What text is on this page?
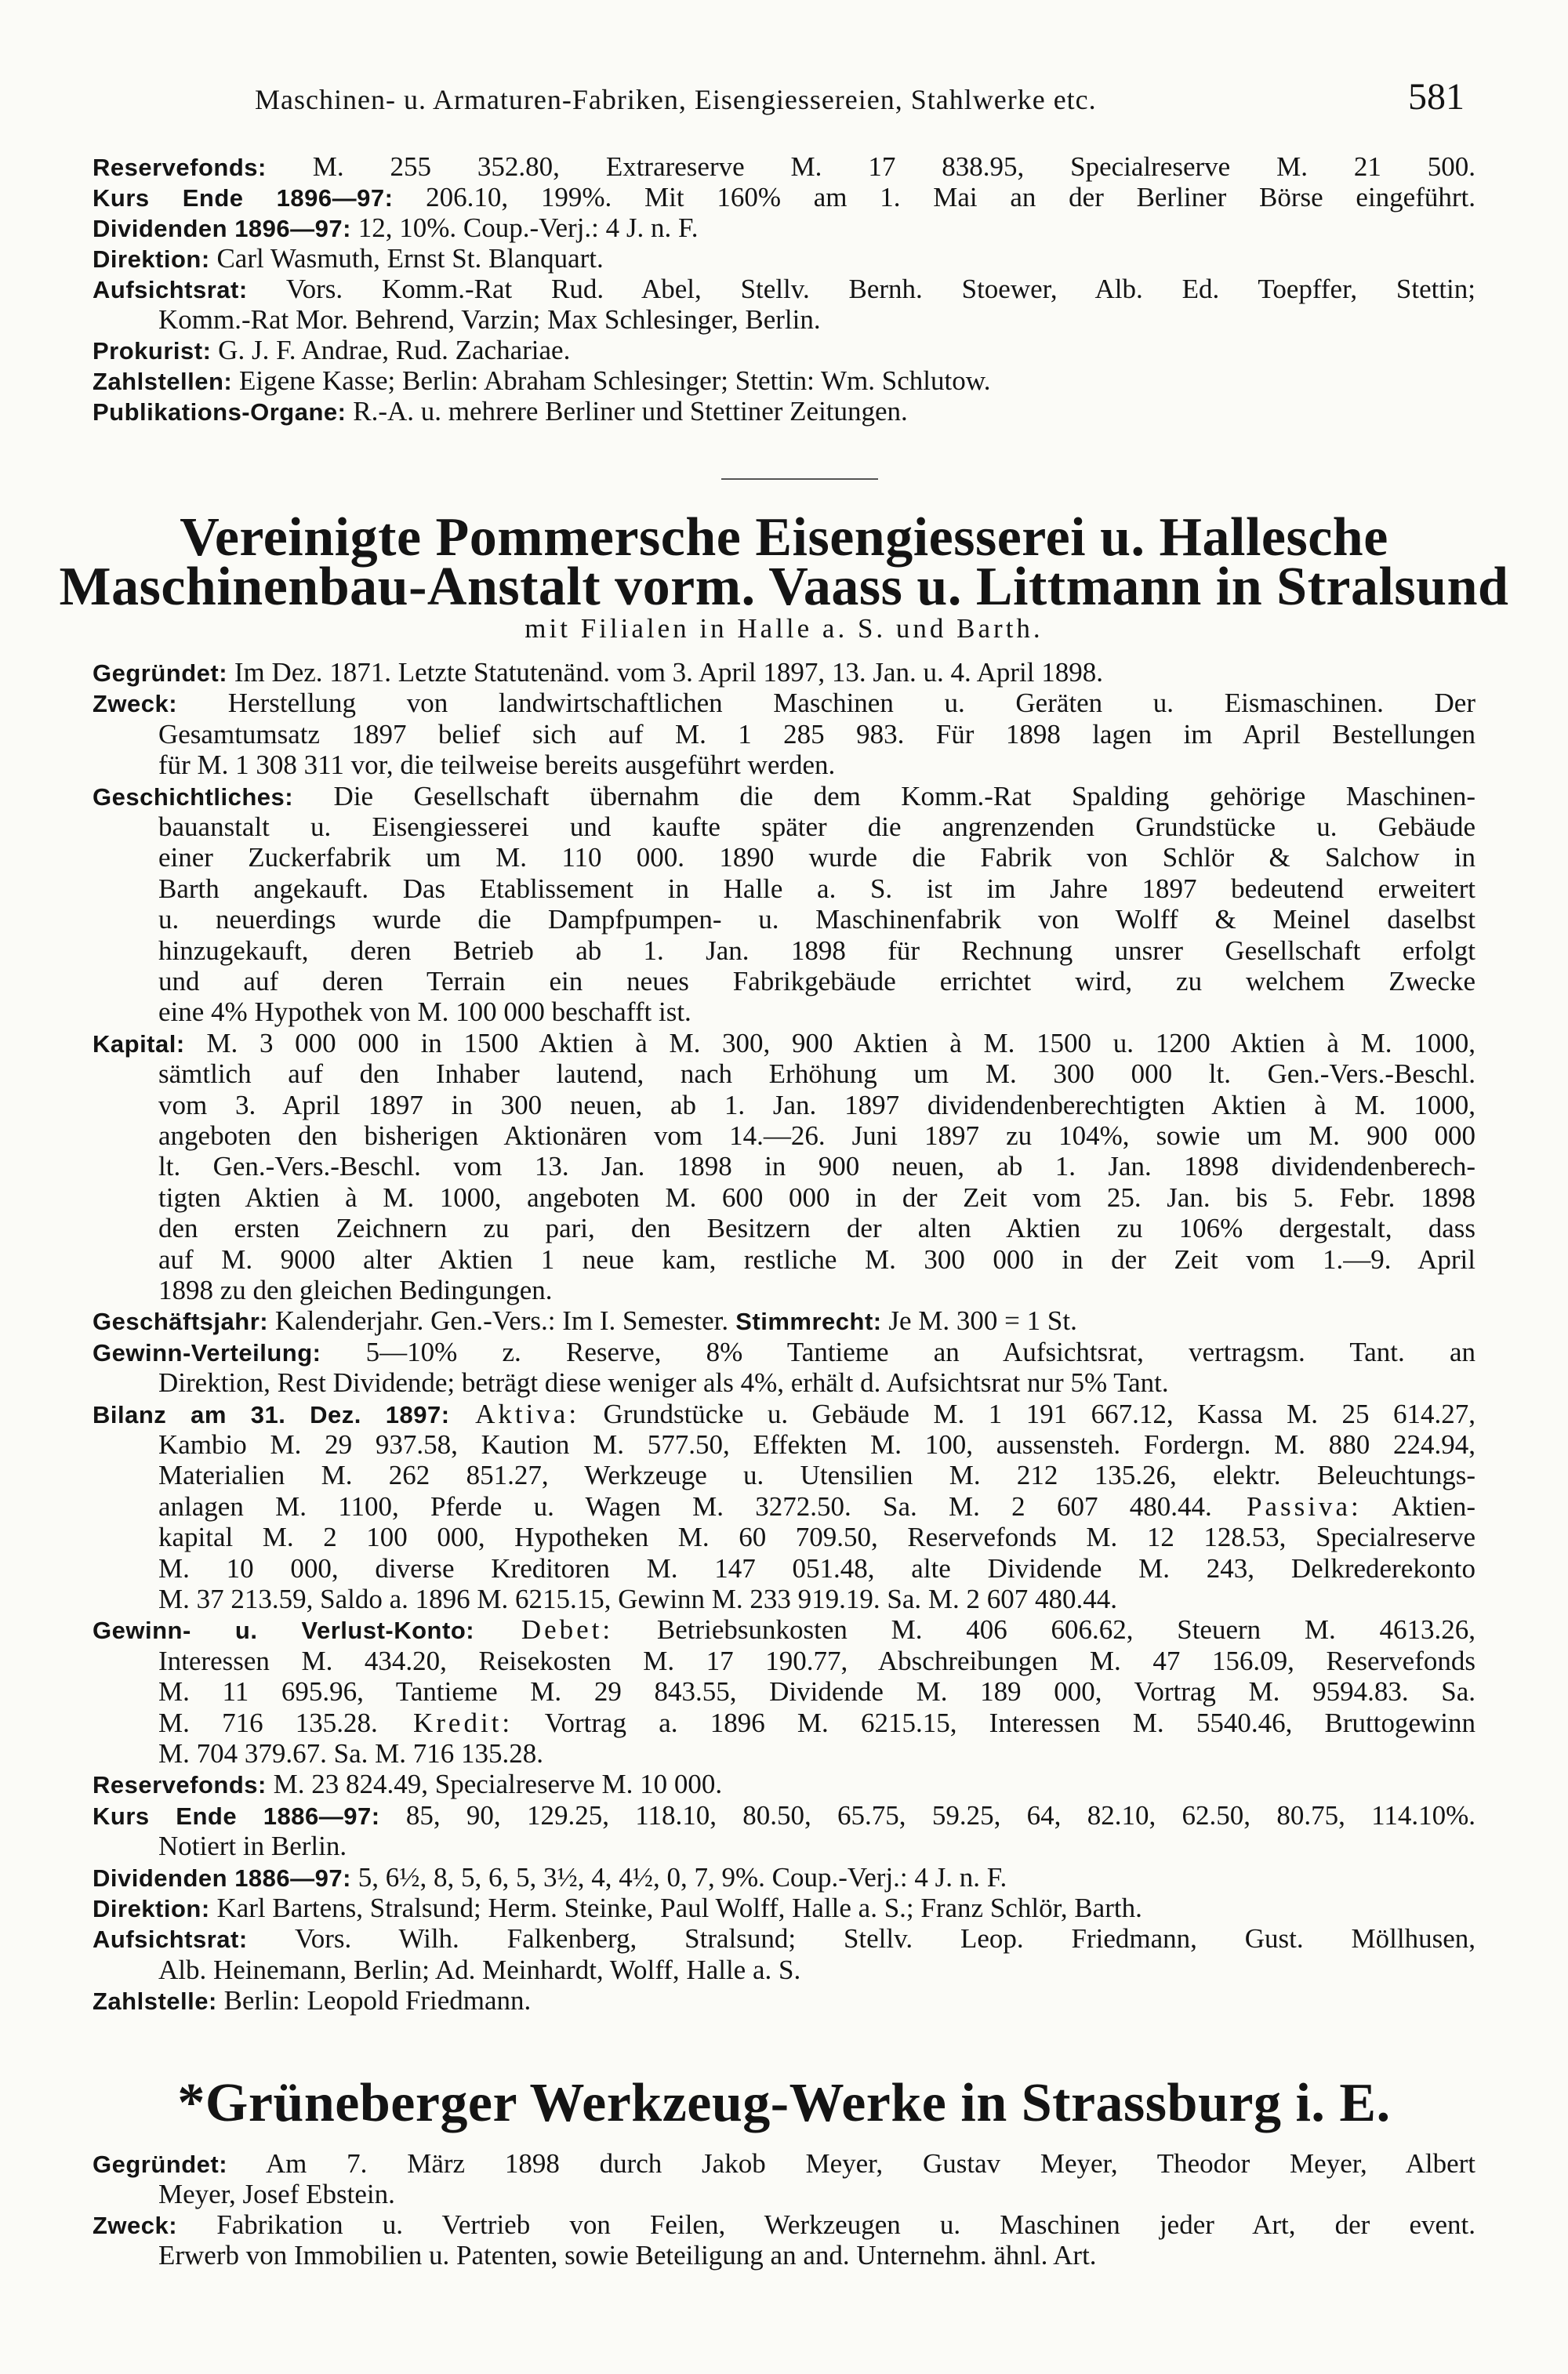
Maschinen- u. Armaturen-Fabriken, Eisengiessereien, Stahlwerke etc.	581
Reservefonds: M. 255 352.80, Extrareserve M. 17 838.95, Specialreserve M. 21 500.
Kurs Ende 1896—97: 206.10, 199%. Mit 160% am 1. Mai an der Berliner Börse eingeführt.
Dividenden 1896—97: 12, 10%. Coup.-Verj.: 4 J. n. F.
Direktion: Carl Wasmuth, Ernst St. Blanquart.
Aufsichtsrat: Vors. Komm.-Rat Rud. Abel, Stellv. Bernh. Stoewer, Alb. Ed. Toepffer, Stettin;
Komm.-Rat Mor. Behrend, Varzin; Max Schlesinger, Berlin.
Prokurist: G. J. F. Andrae, Rud. Zachariae.
Zahlstellen: Eigene Kasse; Berlin: Abraham Schlesinger; Stettin: Wm. Schlutow.
Publikations-Organe: R.-A. u. mehrere Berliner und Stettiner Zeitungen.
Vereinigte Pommersche Eisengiesserei u. Hallesche
Maschinenbau-Anstalt vorm. Vaass u. Littmann in Stralsund
mit Filialen in Halle a. S. und Barth.
Gegründet: Im Dez. 1871. Letzte Statutenänd. vom 3. April 1897, 13. Jan. u. 4. April 1898.
Zweck: Herstellung von landwirtschaftlichen Maschinen u. Geräten u. Eismaschinen. Der
Gesamtumsatz 1897 belief sich auf M. 1 285 983. Für 1898 lagen im April Bestellungen
für M. 1 308 311 vor, die teilweise bereits ausgeführt werden.
Geschichtliches: Die Gesellschaft übernahm die dem Komm.-Rat Spalding gehörige Maschinen-
bauanstalt u. Eisengiesserei und kaufte später die angrenzenden Grundstücke u. Gebäude
einer Zuckerfabrik um M. 110 000. 1890 wurde die Fabrik von Schlör & Salchow in
Barth angekauft. Das Etablissement in Halle a. S. ist im Jahre 1897 bedeutend erweitert
u. neuerdings wurde die Dampfpumpen- u. Maschinenfabrik von Wolff & Meinel daselbst
hinzugekauft, deren Betrieb ab 1. Jan. 1898 für Rechnung unsrer Gesellschaft erfolgt
und auf deren Terrain ein neues Fabrikgebäude errichtet wird, zu welchem Zwecke
eine 4% Hypothek von M. 100 000 beschafft ist.
Kapital: M. 3 000 000 in 1500 Aktien à M. 300, 900 Aktien à M. 1500 u. 1200 Aktien à M. 1000,
sämtlich auf den Inhaber lautend, nach Erhöhung um M. 300 000 lt. Gen.-Vers.-Beschl.
vom 3. April 1897 in 300 neuen, ab 1. Jan. 1897 dividendenberechtigten Aktien à M. 1000,
angeboten den bisherigen Aktionären vom 14.—26. Juni 1897 zu 104%, sowie um M. 900 000
lt. Gen.-Vers.-Beschl. vom 13. Jan. 1898 in 900 neuen, ab 1. Jan. 1898 dividendenberech-
tigten Aktien à M. 1000, angeboten M. 600 000 in der Zeit vom 25. Jan. bis 5. Febr. 1898
den ersten Zeichnern zu pari, den Besitzern der alten Aktien zu 106% dergestalt, dass
auf M. 9000 alter Aktien 1 neue kam, restliche M. 300 000 in der Zeit vom 1.—9. April
1898 zu den gleichen Bedingungen.
Geschäftsjahr: Kalenderjahr. Gen.-Vers.: Im I. Semester. Stimmrecht: Je M. 300 = 1 St.
Gewinn-Verteilung: 5—10% z. Reserve, 8% Tantieme an Aufsichtsrat, vertragsm. Tant. an
Direktion, Rest Dividende; beträgt diese weniger als 4%, erhält d. Aufsichtsrat nur 5% Tant.
Bilanz am 31. Dez. 1897: Aktiva: Grundstücke u. Gebäude M. 1 191 667.12, Kassa M. 25 614.27,
Kambio M. 29 937.58, Kaution M. 577.50, Effekten M. 100, aussensteh. Fordergn. M. 880 224.94,
Materialien M. 262 851.27, Werkzeuge u. Utensilien M. 212 135.26, elektr. Beleuchtungs-
anlagen M. 1100, Pferde u. Wagen M. 3272.50. Sa. M. 2 607 480.44. Passiva: Aktien-
kapital M. 2 100 000, Hypotheken M. 60 709.50, Reservefonds M. 12 128.53, Specialreserve
M. 10 000, diverse Kreditoren M. 147 051.48, alte Dividende M. 243, Delkrederekonto
M. 37 213.59, Saldo a. 1896 M. 6215.15, Gewinn M. 233 919.19. Sa. M. 2 607 480.44.
Gewinn- u. Verlust-Konto: Debet: Betriebsunkosten M. 406 606.62, Steuern M. 4613.26,
Interessen M. 434.20, Reisekosten M. 17 190.77, Abschreibungen M. 47 156.09, Reservefonds
M. 11 695.96, Tantieme M. 29 843.55, Dividende M. 189 000, Vortrag M. 9594.83. Sa.
M. 716 135.28. Kredit: Vortrag a. 1896 M. 6215.15, Interessen M. 5540.46, Bruttogewinn
M. 704 379.67. Sa. M. 716 135.28.
Reservefonds: M. 23 824.49, Specialreserve M. 10 000.
Kurs Ende 1886—97: 85, 90, 129.25, 118.10, 80.50, 65.75, 59.25, 64, 82.10, 62.50, 80.75, 114.10%.
Notiert in Berlin.
Dividenden 1886—97: 5, 6½, 8, 5, 6, 5, 3½, 4, 4½, 0, 7, 9%. Coup.-Verj.: 4 J. n. F.
Direktion: Karl Bartens, Stralsund; Herm. Steinke, Paul Wolff, Halle a. S.; Franz Schlör, Barth.
Aufsichtsrat: Vors. Wilh. Falkenberg, Stralsund; Stellv. Leop. Friedmann, Gust. Möllhusen,
Alb. Heinemann, Berlin; Ad. Meinhardt, Wolff, Halle a. S.
Zahlstelle: Berlin: Leopold Friedmann.
*Grüneberger Werkzeug-Werke in Strassburg i. E.
Gegründet: Am 7. März 1898 durch Jakob Meyer, Gustav Meyer, Theodor Meyer, Albert
Meyer, Josef Ebstein.
Zweck: Fabrikation u. Vertrieb von Feilen, Werkzeugen u. Maschinen jeder Art, der event.
Erwerb von Immobilien u. Patenten, sowie Beteiligung an and. Unternehm. ähnl. Art.
